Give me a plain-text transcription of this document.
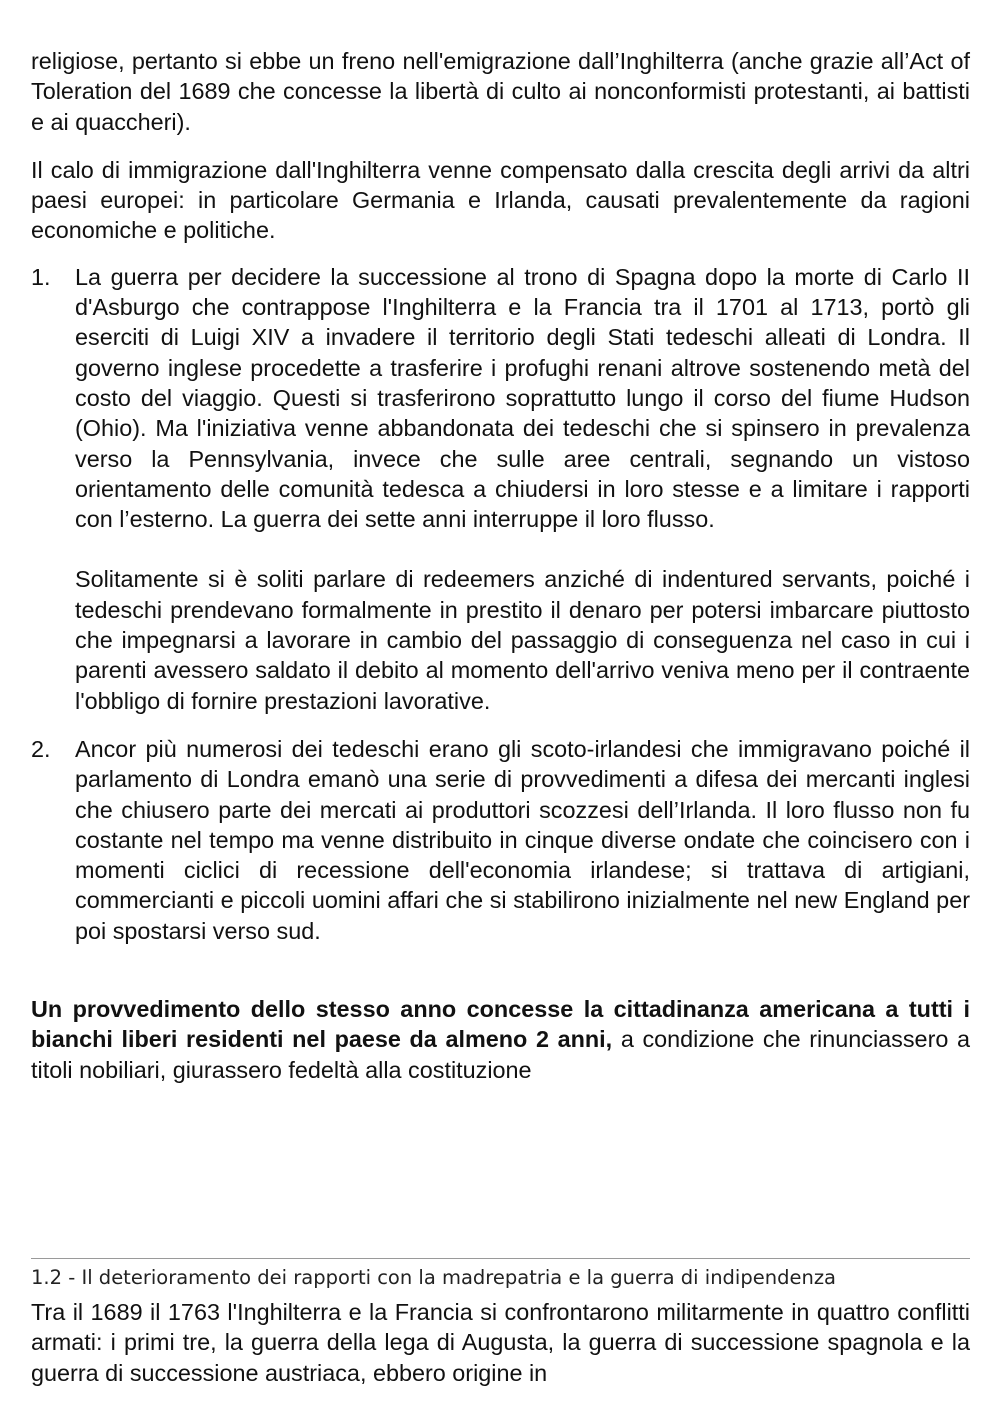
religiose, pertanto si ebbe un freno nell'emigrazione dall’Inghilterra (anche grazie all’Act of Toleration del 1689 che concesse la libertà di culto ai nonconformisti protestanti, ai battisti e ai quaccheri).

Il calo di immigrazione dall'Inghilterra venne compensato dalla crescita degli arrivi da altri paesi europei: in particolare Germania e Irlanda, causati prevalentemente da ragioni economiche e politiche.

1. La guerra per decidere la successione al trono di Spagna dopo la morte di Carlo II d'Asburgo che contrappose l'Inghilterra e la Francia tra il 1701 al 1713, portò gli eserciti di Luigi XIV a invadere il territorio degli Stati tedeschi alleati di Londra. Il governo inglese procedette a trasferire i profughi renani altrove sostenendo metà del costo del viaggio. Questi si trasferirono soprattutto lungo il corso del fiume Hudson (Ohio). Ma l'iniziativa venne abbandonata dei tedeschi che si spinsero in prevalenza verso la Pennsylvania, invece che sulle aree centrali, segnando un vistoso orientamento delle comunità tedesca a chiudersi in loro stesse e a limitare i rapporti con l’esterno. La guerra dei sette anni interruppe il loro flusso.

Solitamente si è soliti parlare di redeemers anziché di indentured servants, poiché i tedeschi prendevano formalmente in prestito il denaro per potersi imbarcare piuttosto che impegnarsi a lavorare in cambio del passaggio di conseguenza nel caso in cui i parenti avessero saldato il debito al momento dell'arrivo veniva meno per il contraente l'obbligo di fornire prestazioni lavorative.

2. Ancor più numerosi dei tedeschi erano gli scoto-irlandesi che immigravano poiché il parlamento di Londra emanò una serie di provvedimenti a difesa dei mercanti inglesi che chiusero parte dei mercati ai produttori scozzesi dell’Irlanda. Il loro flusso non fu costante nel tempo ma venne distribuito in cinque diverse ondate che coincisero con i momenti ciclici di recessione dell'economia irlandese; si trattava di artigiani, commercianti e piccoli uomini affari che si stabilirono inizialmente nel new England per poi spostarsi verso sud.

Un provvedimento dello stesso anno concesse la cittadinanza americana a tutti i bianchi liberi residenti nel paese da almeno 2 anni, a condizione che rinunciassero a titoli nobiliari, giurassero fedeltà alla costituzione

1.2 - Il deterioramento dei rapporti con la madrepatria e la guerra di indipendenza

Tra il 1689 il 1763 l'Inghilterra e la Francia si confrontarono militarmente in quattro conflitti armati: i primi tre, la guerra della lega di Augusta, la guerra di successione spagnola e la guerra di successione austriaca, ebbero origine in
